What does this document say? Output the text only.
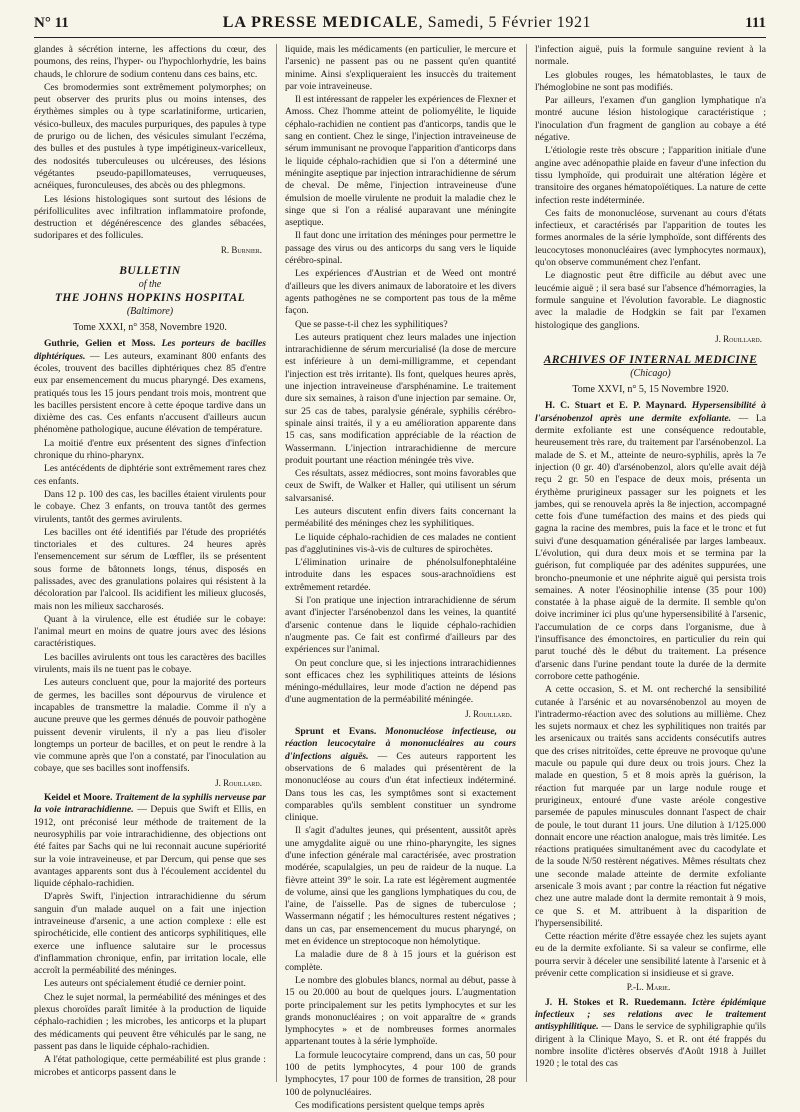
N° 11	LA PRESSE MEDICALE, Samedi, 5 Février 1921	111

glandes à sécrétion interne, les affections du cœur, des poumons, des reins, l'hyper- ou l'hypochlorhydrie, les bains chauds, le chlorure de sodium contenu dans ces bains, etc.

Ces bromodermies sont extrêmement polymorphes; on peut observer des prurits plus ou moins intenses, des érythèmes simples ou à type scarlatiniforme, urticarien, vésico-bulleux, des macules purpuriques, des papules à type de prurigo ou de lichen, des vésicules simulant l'eczéma, des bulles et des pustules à type impétigineux-varicelleux, des nodosités tuberculeuses ou ulcéreuses, des lésions végétantes pseudo-papillomateuses, verruqueuses, acnéiques, furonculeuses, des abcès ou des phlegmons.

Les lésions histologiques sont surtout des lésions de périfolliculites avec infiltration inflammatoire profonde, destruction et dégénérescence des glandes sébacées, sudoripares et des follicules.

R. Burnier.
BULLETIN
of the
THE JOHNS HOPKINS HOSPITAL
(Baltimore)
Tome XXXI, n° 358, Novembre 1920.

Guthrie, Gelien et Moss. Les porteurs de bacilles diphtériques. — Les auteurs, examinant 800 enfants des écoles, trouvent des bacilles diphtériques chez 85 d'entre eux par ensemencement du mucus pharyngé. Des examens, pratiqués tous les 15 jours pendant trois mois, montrent que les bacilles persistent encore à cette époque tardive dans un dixième des cas. Ces enfants n'accusent d'ailleurs aucun phénomène pathologique, aucune élévation de température.

La moitié d'entre eux présentent des signes d'infection chronique du rhino-pharynx.

Les antécédents de diphtérie sont extrêmement rares chez ces enfants.

Dans 12 p. 100 des cas, les bacilles étaient virulents pour le cobaye. Chez 3 enfants, on trouva tantôt des germes virulents, tantôt des germes avirulents.

Les bacilles ont été identifiés par l'étude des propriétés tinctoriales et des cultures. 24 heures après l'ensemencement sur sérum de Lœffler, ils se présentent sous forme de bâtonnets longs, ténus, disposés en palissades, avec des granulations polaires qui résistent à la décoloration par l'alcool. Ils acidifient les milieux glucosés, mais non les milieux saccharosés.

Quant à la virulence, elle est étudiée sur le cobaye: l'animal meurt en moins de quatre jours avec des lésions caractéristiques.

Les bacilles avirulents ont tous les caractères des bacilles virulents, mais ils ne tuent pas le cobaye.

Les auteurs concluent que, pour la majorité des porteurs de germes, les bacilles sont dépourvus de virulence et incapables de transmettre la maladie. Comme il n'y a aucune preuve que les germes dénués de pouvoir pathogène puissent devenir virulents, il n'y a pas lieu d'isoler longtemps un porteur de bacilles, et on peut le rendre à la vie commune après que l'on a constaté, par l'inoculation au cobaye, que ses bacilles sont inoffensifs.

J. Rouillard.

Keidel et Moore. Traitement de la syphilis nerveuse par la voie intrarachidienne. — Depuis que Swift et Ellis, en 1912, ont préconisé leur méthode de traitement de la neurosyphilis par voie intrarachidienne, des objections ont été faites par Sachs qui ne lui reconnait aucune supériorité sur la voie intraveineuse, et par Dercum, qui pense que ses avantages apparents sont dus à l'écoulement accidentel du liquide céphalo-rachidien.

D'après Swift, l'injection intrarachidienne du sérum sanguin d'un malade auquel on a fait une injection intraveineuse d'arsenic, a une action complexe : elle est spirochéticide, elle contient des anticorps syphilitiques, elle exerce une influence salutaire sur le processus d'inflammation chronique, enfin, par irritation locale, elle accroît la perméabilité des méninges.

Les auteurs ont spécialement étudié ce dernier point.

Chez le sujet normal, la perméabilité des méninges et des plexus choroïdes paraît limitée à la production de liquide céphalo-rachidien ; les microbes, les anticorps et la plupart des médicaments qui peuvent être véhiculés par le sang, ne passent pas dans le liquide céphalo-rachidien.

A l'état pathologique, cette perméabilité est plus grande : microbes et anticorps passent dans le

liquide, mais les médicaments (en particulier, le mercure et l'arsenic) ne passent pas ou ne passent qu'en quantité minime. Ainsi s'expliqueraient les insuccès du traitement par voie intraveineuse.

Il est intéressant de rappeler les expériences de Flexner et Amoss. Chez l'homme atteint de poliomyélite, le liquide céphalo-rachidien ne contient pas d'anticorps, tandis que le sang en contient. Chez le singe, l'injection intraveineuse de sérum immunisant ne provoque l'apparition d'anticorps dans le liquide céphalo-rachidien que si l'on a déterminé une méningite aseptique par injection intrarachidienne de sérum de cheval. De même, l'injection intraveineuse d'une émulsion de moelle virulente ne produit la maladie chez le singe que si l'on a réalisé auparavant une méningite aseptique.

Il faut donc une irritation des méninges pour permettre le passage des virus ou des anticorps du sang vers le liquide cérébro-spinal.

Les expériences d'Austrian et de Weed ont montré d'ailleurs que les divers animaux de laboratoire et les divers agents pathogènes ne se comportent pas tous de la même façon.

Que se passe-t-il chez les syphilitiques?

Les auteurs pratiquent chez leurs malades une injection intrarachidienne de sérum mercurialisé (la dose de mercure est inférieure à un demi-milligramme, et cependant l'injection est très irritante). Ils font, quelques heures après, une injection intraveineuse d'arsphénamine. Le traitement dure six semaines, à raison d'une injection par semaine. Or, sur 25 cas de tabes, paralysie générale, syphilis cérébro-spinale ainsi traités, il y a eu amélioration apparente dans 15 cas, sans modification appréciable de la réaction de Wassermann. L'injection intrarachidienne de mercure produit pourtant une réaction méningée très vive.

Ces résultats, assez médiocres, sont moins favorables que ceux de Swift, de Walker et Haller, qui utilisent un sérum salvarsanisé.

Les auteurs discutent enfin divers faits concernant la perméabilité des méninges chez les syphilitiques.

Le liquide céphalo-rachidien de ces malades ne contient pas d'agglutinines vis-à-vis de cultures de spirochètes.

L'élimination urinaire de phénolsulfonephtaléine introduite dans les espaces sous-arachnoïdiens est extrêmement retardée.

Si l'on pratique une injection intrarachidienne de sérum avant d'injecter l'arsénobenzol dans les veines, la quantité d'arsenic contenue dans le liquide céphalo-rachidien n'augmente pas. Ce fait est confirmé d'ailleurs par des expériences sur l'animal.

On peut conclure que, si les injections intrarachidiennes sont efficaces chez les syphilitiques atteints de lésions méningo-médullaires, leur mode d'action ne dépend pas d'une augmentation de la perméabilité méningée.

J. Rouillard.

Sprunt et Evans. Mononucléose infectieuse, ou réaction leucocytaire à mononucléaires au cours d'infections aiguës. — Ces auteurs rapportent les observations de 6 malades qui présentèrent de la mononucléose au cours d'un état infectieux indéterminé. Dans tous les cas, les symptômes sont si exactement comparables qu'ils semblent constituer un syndrome clinique.

Il s'agit d'adultes jeunes, qui présentent, aussitôt après une amygdalite aiguë ou une rhino-pharyngite, les signes d'une infection générale mal caractérisée, avec prostration modérée, scapulalgies, un peu de raideur de la nuque. La fièvre atteint 39° le soir. La rate est légèrement augmentée de volume, ainsi que les ganglions lymphatiques du cou, de l'aine, de l'aisselle. Pas de signes de tuberculose ; Wassermann négatif ; les hémocultures restent négatives ; dans un cas, par ensemencement du mucus pharyngé, on met en évidence un streptocoque non hémolytique.

La maladie dure de 8 à 15 jours et la guérison est complète.

Le nombre des globules blancs, normal au début, passe à 15 ou 20.000 au bout de quelques jours. L'augmentation porte principalement sur les petits lymphocytes et sur les grands mononucléaires ; on voit apparaître de « grands lymphocytes » et de nombreuses formes anormales appartenant toutes à la série lymphoïde.

La formule leucocytaire comprend, dans un cas, 50 pour 100 de petits lymphocytes, 4 pour 100 de grands lymphocytes, 17 pour 100 de formes de transition, 28 pour 100 de polynucléaires.

Ces modifications persistent quelque temps après

l'infection aiguë, puis la formule sanguine revient à la normale.

Les globules rouges, les hématoblastes, le taux de l'hémoglobine ne sont pas modifiés.

Par ailleurs, l'examen d'un ganglion lymphatique n'a montré aucune lésion histologique caractéristique ; l'inoculation d'un fragment de ganglion au cobaye a été négative.

L'étiologie reste très obscure ; l'apparition initiale d'une angine avec adénopathie plaide en faveur d'une infection du tissu lymphoïde, qui produirait une altération légère et transitoire des organes hématopoïétiques. La nature de cette infection reste indéterminée.

Ces faits de mononucléose, survenant au cours d'états infectieux, et caractérisés par l'apparition de toutes les formes anormales de la série lymphoïde, sont différents des leucocytoses mononucléaires (avec lymphocytes normaux), qu'on observe communément chez l'enfant.

Le diagnostic peut être difficile au début avec une leucémie aiguë ; il sera basé sur l'absence d'hémorragies, la formule sanguine et l'évolution favorable. Le diagnostic avec la maladie de Hodgkin se fait par l'examen histologique des ganglions.

J. Rouillard.
ARCHIVES OF INTERNAL MEDICINE
(Chicago)
Tome XXVI, n° 5, 15 Novembre 1920.

H. C. Stuart et E. P. Maynard. Hypersensibilité à l'arsénobenzol après une dermite exfoliante. — La dermite exfoliante est une conséquence redoutable, heureusement très rare, du traitement par l'arsénobenzol. La malade de S. et M., atteinte de neuro-syphilis, après la 7e injection (0 gr. 40) d'arsénobenzol, alors qu'elle avait déjà reçu 2 gr. 50 en l'espace de deux mois, présenta un érythème prurigineux passager sur les poignets et les jambes, qui se renouvela après la 8e injection, accompagné cette fois d'une tuméfaction des mains et des pieds qui gagna la racine des membres, puis la face et le tronc et fut suivi d'une desquamation généralisée par larges lambeaux. L'évolution, qui dura deux mois et se termina par la guérison, fut compliquée par des adénites suppurées, une broncho-pneumonie et une néphrite aiguë qui persista trois semaines. A noter l'éosinophilie intense (35 pour 100) constatée à la phase aiguë de la dermite. Il semble qu'on doive incriminer ici plus qu'une hypersensibilité à l'arsenic, l'accumulation de ce corps dans l'organisme, due à l'insuffisance des émonctoires, en particulier du rein qui parut touché dès le début du traitement. La présence d'arsenic dans l'urine pendant toute la durée de la dermite corrobore cette pathogénie.

A cette occasion, S. et M. ont recherché la sensibilité cutanée à l'arsénic et au novarsénobenzol au moyen de l'intradermo-réaction avec des solutions au millième. Chez les sujets normaux et chez les syphilitiques non traités par les arsenicaux ou traités sans accidents consécutifs autres que des crises nitritoïdes, cette épreuve ne provoque qu'une macule ou papule qui dure deux ou trois jours. Chez la malade en question, 5 et 8 mois après la guérison, la réaction fut marquée par un large nodule rouge et prurigineux, entouré d'une vaste aréole congestive parsemée de papules minuscules donnant l'aspect de chair de poule, le tout durant 11 jours. Une dilution à 1/125.000 donnait encore une réaction analogue, mais très limitée. Les réactions pratiquées simultanément avec du cacodylate et de la soude N/50 restèrent négatives. Mêmes résultats chez une seconde malade atteinte de dermite exfoliante arsenicale 3 mois avant ; par contre la réaction fut négative chez une autre malade dont la dermite remontait à 9 mois, ce que S. et M. attribuent à la disparition de l'hypersensibilité.

Cette réaction mérite d'être essayée chez les sujets ayant eu de la dermite exfoliante. Si sa valeur se confirme, elle pourra servir à déceler une sensibilité latente à l'arsenic et à prévenir cette complication si insidieuse et si grave.

P.-L. Marie.

J. H. Stokes et R. Ruedemann. Ictère épidémique infectieux ; ses relations avec le traitement antisyphilitique. — Dans le service de syphiligraphie qu'ils dirigent à la Clinique Mayo, S. et R. ont été frappés du nombre insolite d'ictères observés d'Août 1918 à Juillet 1920 ; le total des cas
